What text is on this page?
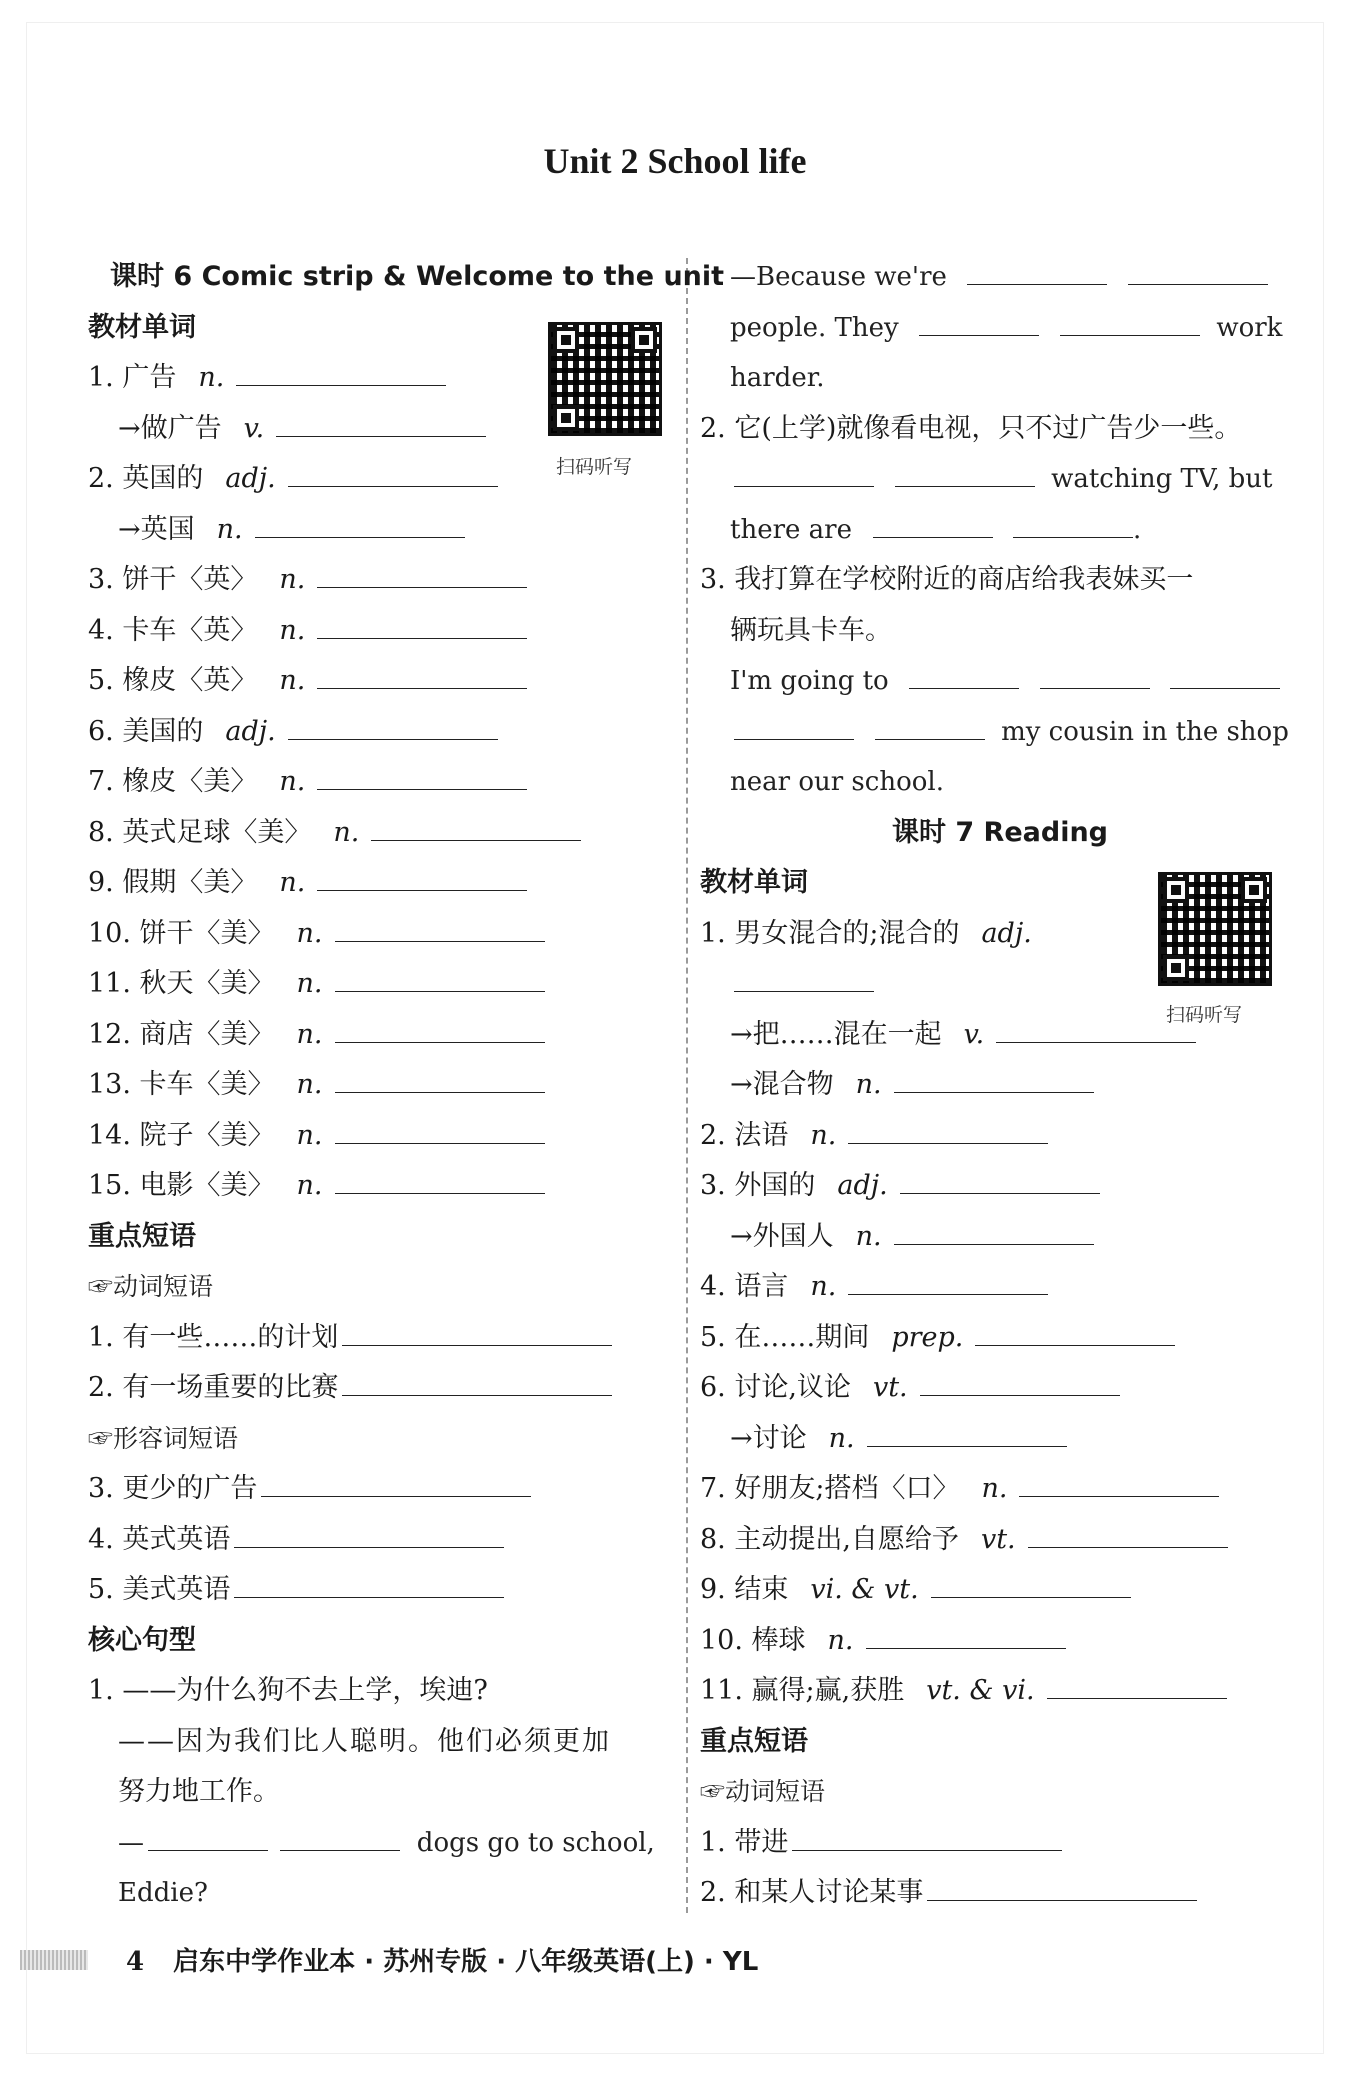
Unit 2 School life
课时 6 Comic strip & Welcome to the unit
教材单词
1. 广告 n.
→做广告 v.
2. 英国的 adj.
→英国 n.
3. 饼干〈英〉 n.
4. 卡车〈英〉 n.
5. 橡皮〈英〉 n.
6. 美国的 adj.
7. 橡皮〈美〉 n.
8. 英式足球〈美〉 n.
9. 假期〈美〉 n.
10. 饼干〈美〉 n.
11. 秋天〈美〉 n.
12. 商店〈美〉 n.
13. 卡车〈美〉 n.
14. 院子〈美〉 n.
15. 电影〈美〉 n.
重点短语
☞动词短语
1. 有一些……的计划
2. 有一场重要的比赛
☞形容词短语
3. 更少的广告
4. 英式英语
5. 美式英语
核心句型
1. ——为什么狗不去上学，埃迪?
——因为我们比人聪明。他们必须更加
努力地工作。
—	dogs go to school,
Eddie?
扫码听写
扫码听写
—Because we're
people. They	work
harder.
2. 它(上学)就像看电视，只不过广告少一些。
watching TV, but
there are	.
3. 我打算在学校附近的商店给我表妹买一
辆玩具卡车。
I'm going to
my cousin in the shop
near our school.
课时 7 Reading
教材单词
1. 男女混合的;混合的 adj.
→把……混在一起 v.
→混合物 n.
2. 法语 n.
3. 外国的 adj.
→外国人 n.
4. 语言 n.
5. 在……期间 prep.
6. 讨论,议论 vt.
→讨论 n.
7. 好朋友;搭档〈口〉 n.
8. 主动提出,自愿给予 vt.
9. 结束 vi. & vt.
10. 棒球 n.
11. 赢得;赢,获胜 vt. & vi.
重点短语
☞动词短语
1. 带进
2. 和某人讨论某事
4 启东中学作业本 · 苏州专版 · 八年级英语(上) · YL
